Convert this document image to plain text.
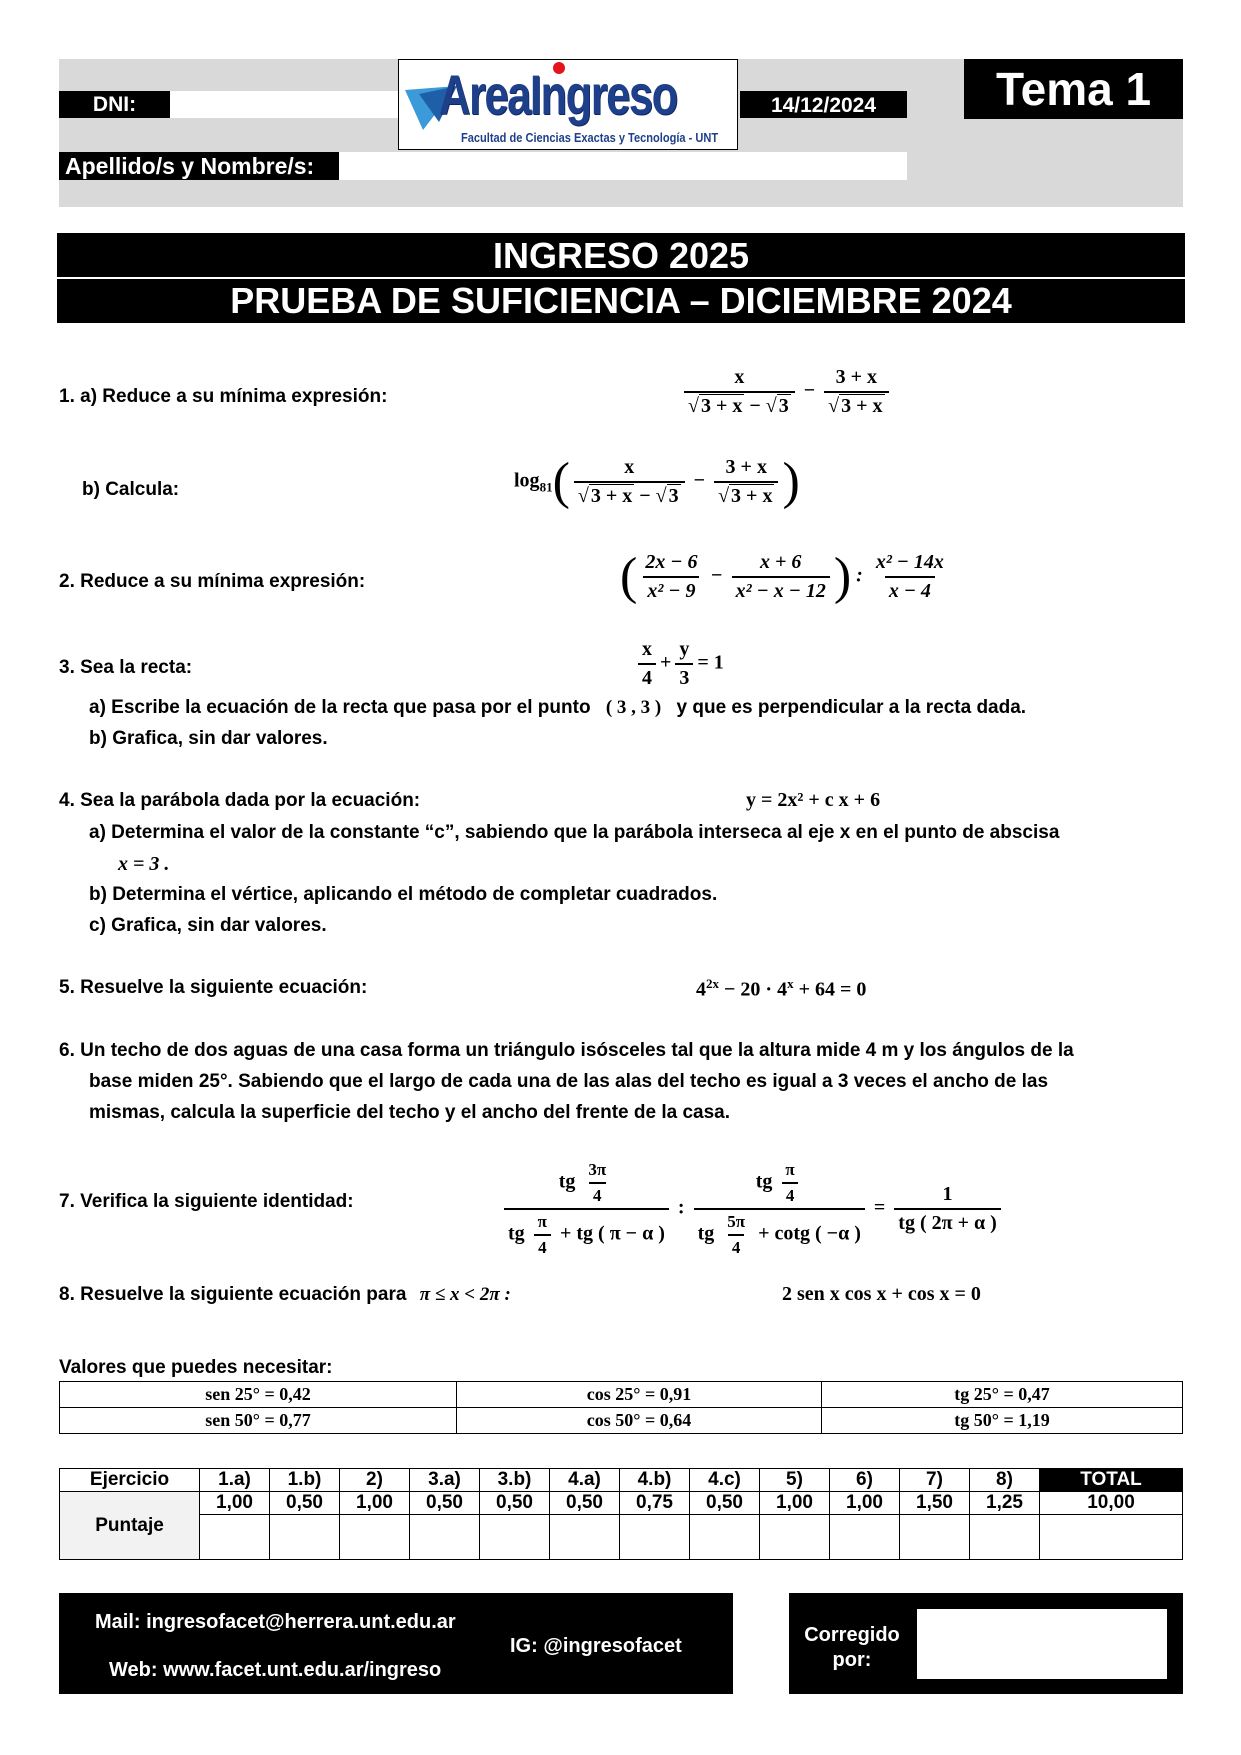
DNI:	AreaIngreso
Facultad de Ciencias Exactas y Tecnología - UNT
14/12/2024	Tema 1
Apellido/s y Nombre/s:
INGRESO 2025
PRUEBA DE SUFICIENCIA – DICIEMBRE 2024
1. a) Reduce a su mínima expresión:	$\frac{x}{√ 3 + x - √ 3} - \frac{3 + x}{√ 3 + x}$
b) Calcula:	$\log_{81}( \frac{x}{√ 3 + x - √ 3} - \frac{3 + x}{√ 3 + x}$ )
2. Reduce a su mínima expresión:	( $\frac{2x - 6}{\text{x² − 9}} - \frac{x + 6}{\text{x² − x − 12}}$ ) : $\frac{\text{x² − 14x}}{x - 4}$
3. Sea la recta:	$\frac{x}{4} + \frac{y}{3} = 1$
a) Escribe la ecuación de la recta que pasa por el punto ( 3 , 3 ) y que es perpendicular a la recta dada.
b) Grafica, sin dar valores.
4. Sea la parábola dada por la ecuación:	y = 2x² + c x + 6
a) Determina el valor de la constante “c”, sabiendo que la parábola interseca al eje x en el punto de abscisa
x = 3 .
b) Determina el vértice, aplicando el método de completar cuadrados.
c) Grafica, sin dar valores.
5. Resuelve la siguiente ecuación:	$4^{2x} - 20 \cdot 4^x + 64 = 0$
6. Un techo de dos aguas de una casa forma un triángulo isósceles tal que la altura mide 4 m y los ángulos de la
base miden 25°. Sabiendo que el largo de cada una de las alas del techo es igual a 3 veces el ancho de las
mismas, calcula la superficie del techo y el ancho del frente de la casa.
7. Verifica la siguiente identidad:	$\frac{tg \frac{3\pi}{4}}{tg \frac{\pi}{4} + tg ( \pi - \alpha )}$ : $\frac{tg \frac{\pi}{4}}{tg \frac{5\pi}{4} + \cot g ( -\alpha )} = \frac{1}{tg ( 2\pi + \alpha )}$
8. Resuelve la siguiente ecuación para π ≤ x < 2π :	2 sen x cos x + cos x = 0
Valores que puedes necesitar:
sen 25° = 0,42	cos 25° = 0,91	tg 25° = 0,47
sen 50° = 0,77	cos 50° = 0,64	tg 50° = 1,19
Ejercicio	1.a)	1.b)	2)	3.a)	3.b)	4.a)	4.b)	4.c)	5)	6)	7)	8)	TOTAL
Puntaje	1,00	0,50	1,00	0,50	0,50	0,50	0,75	0,50	1,00	1,00	1,50	1,25	10,00

Mail: ingresofacet@herrera.unt.edu.ar
IG: @ingresofacet
Web: www.facet.unt.edu.ar/ingreso
Corregido por:
